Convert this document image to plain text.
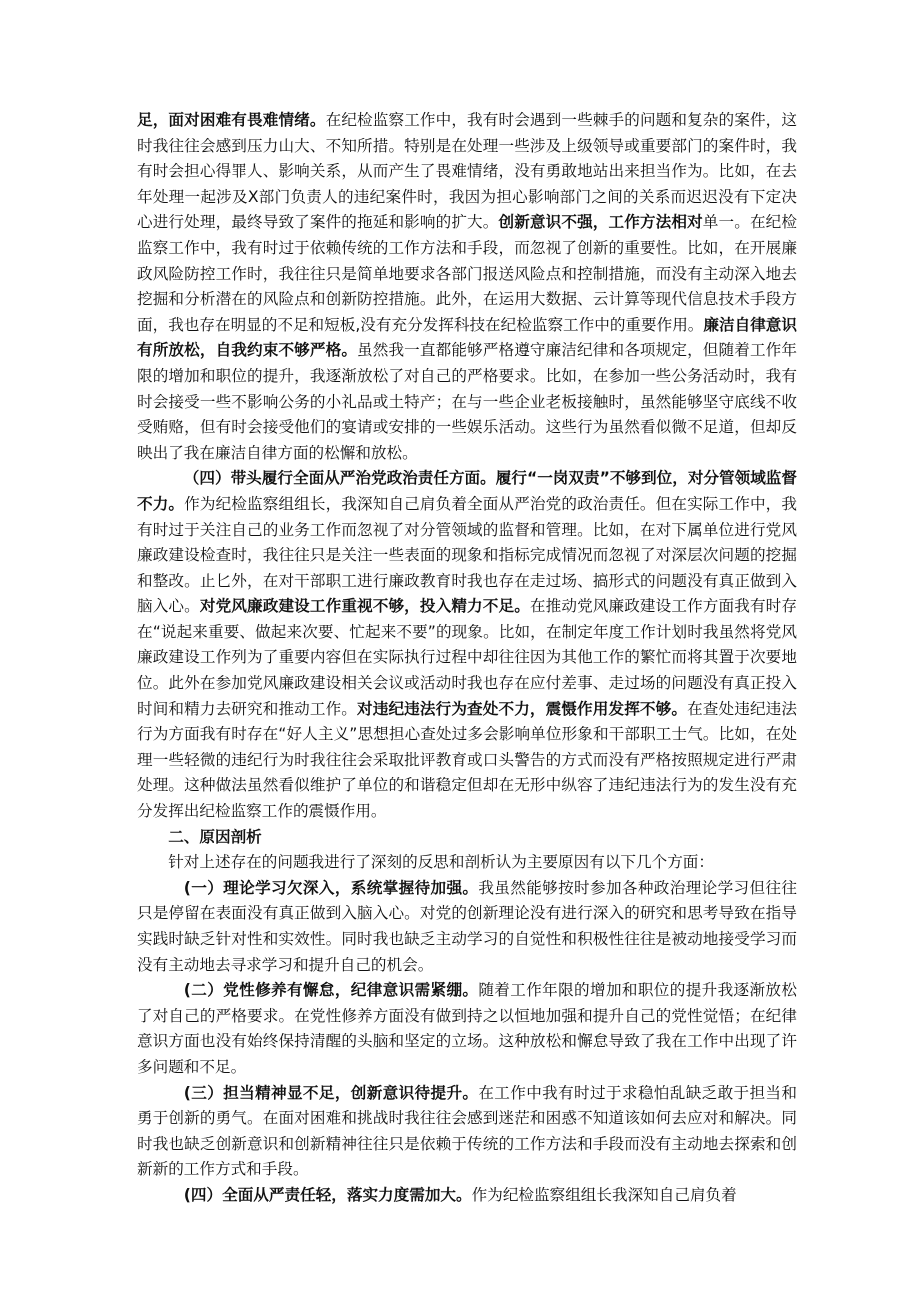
足，面对困难有畏难情绪。在纪检监察工作中，我有时会遇到一些棘手的问题和复杂的案件，这时我往往会感到压力山大、不知所措。特别是在处理一些涉及上级领导或重要部门的案件时，我有时会担心得罪人、影响关系，从而产生了畏难情绪，没有勇敢地站出来担当作为。比如，在去年处理一起涉及X部门负责人的违纪案件时，我因为担心影响部门之间的关系而迟迟没有下定决心进行处理，最终导致了案件的拖延和影响的扩大。创新意识不强，工作方法相对单一。在纪检监察工作中，我有时过于依赖传统的工作方法和手段，而忽视了创新的重要性。比如，在开展廉政风险防控工作时，我往往只是简单地要求各部门报送风险点和控制措施，而没有主动深入地去挖掘和分析潜在的风险点和创新防控措施。此外，在运用大数据、云计算等现代信息技术手段方面，我也存在明显的不足和短板,没有充分发挥科技在纪检监察工作中的重要作用。廉洁自律意识有所放松，自我约束不够严格。虽然我一直都能够严格遵守廉洁纪律和各项规定，但随着工作年限的增加和职位的提升，我逐渐放松了对自己的严格要求。比如，在参加一些公务活动时，我有时会接受一些不影响公务的小礼品或土特产；在与一些企业老板接触时，虽然能够坚守底线不收受贿赂，但有时会接受他们的宴请或安排的一些娱乐活动。这些行为虽然看似微不足道，但却反映出了我在廉洁自律方面的松懈和放松。

（四）带头履行全面从严治党政治责任方面。履行“一岗双责”不够到位，对分管领域监督不力。作为纪检监察组组长，我深知自己肩负着全面从严治党的政治责任。但在实际工作中，我有时过于关注自己的业务工作而忽视了对分管领域的监督和管理。比如，在对下属单位进行党风廉政建设检查时，我往往只是关注一些表面的现象和指标完成情况而忽视了对深层次问题的挖掘和整改。止匕外，在对干部职工进行廉政教育时我也存在走过场、搞形式的问题没有真正做到入脑入心。对党风廉政建设工作重视不够，投入精力不足。在推动党风廉政建设工作方面我有时存在“说起来重要、做起来次要、忙起来不要”的现象。比如，在制定年度工作计划时我虽然将党风廉政建设工作列为了重要内容但在实际执行过程中却往往因为其他工作的繁忙而将其置于次要地位。此外在参加党风廉政建设相关会议或活动时我也存在应付差事、走过场的问题没有真正投入时间和精力去研究和推动工作。对违纪违法行为查处不力，震慑作用发挥不够。在查处违纪违法行为方面我有时存在“好人主义”思想担心查处过多会影响单位形象和干部职工士气。比如，在处理一些轻微的违纪行为时我往往会采取批评教育或口头警告的方式而没有严格按照规定进行严肃处理。这种做法虽然看似维护了单位的和谐稳定但却在无形中纵容了违纪违法行为的发生没有充分发挥出纪检监察工作的震慑作用。

二、原因剖析

针对上述存在的问题我进行了深刻的反思和剖析认为主要原因有以下几个方面：

(一）理论学习欠深入，系统掌握待加强。我虽然能够按时参加各种政治理论学习但往往只是停留在表面没有真正做到入脑入心。对党的创新理论没有进行深入的研究和思考导致在指导实践时缺乏针对性和实效性。同时我也缺乏主动学习的自觉性和积极性往往是被动地接受学习而没有主动地去寻求学习和提升自己的机会。

(二）党性修养有懈怠，纪律意识需紧绷。随着工作年限的增加和职位的提升我逐渐放松了对自己的严格要求。在党性修养方面没有做到持之以恒地加强和提升自己的党性觉悟；在纪律意识方面也没有始终保持清醒的头脑和坚定的立场。这种放松和懈怠导致了我在工作中出现了许多问题和不足。

(三）担当精神显不足，创新意识待提升。在工作中我有时过于求稳怕乱缺乏敢于担当和勇于创新的勇气。在面对困难和挑战时我往往会感到迷茫和困惑不知道该如何去应对和解决。同时我也缺乏创新意识和创新精神往往只是依赖于传统的工作方法和手段而没有主动地去探索和创新新的工作方式和手段。

(四）全面从严责任轻，落实力度需加大。作为纪检监察组组长我深知自己肩负着
